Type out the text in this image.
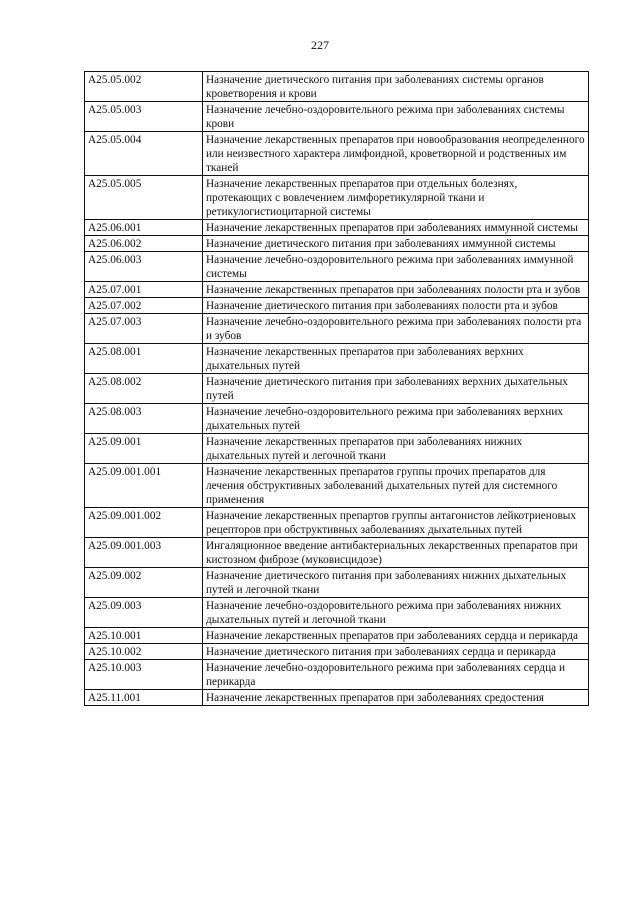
227
A25.05.002	Назначение диетического питания при заболеваниях системы органов кроветворения и крови
A25.05.003	Назначение лечебно-оздоровительного режима при заболеваниях системы крови
A25.05.004	Назначение лекарственных препаратов при новообразования неопределенного или неизвестного характера лимфоидной, кроветворной и родственных им тканей
A25.05.005	Назначение лекарственных препаратов при отдельных болезнях, протекающих с вовлечением лимфоретикулярной ткани и ретикулогистиоцитарной системы
A25.06.001	Назначение лекарственных препаратов при заболеваниях иммунной системы
A25.06.002	Назначение диетического питания при заболеваниях иммунной системы
A25.06.003	Назначение лечебно-оздоровительного режима при заболеваниях иммунной системы
A25.07.001	Назначение лекарственных препаратов при заболеваниях полости рта и зубов
A25.07.002	Назначение диетического питания при заболеваниях полости рта и зубов
A25.07.003	Назначение лечебно-оздоровительного режима при заболеваниях полости рта и зубов
A25.08.001	Назначение лекарственных препаратов при заболеваниях верхних дыхательных путей
A25.08.002	Назначение диетического питания при заболеваниях верхних дыхательных путей
A25.08.003	Назначение лечебно-оздоровительного режима при заболеваниях верхних дыхательных путей
A25.09.001	Назначение лекарственных препаратов при заболеваниях нижних дыхательных путей и легочной ткани
A25.09.001.001	Назначение лекарственных препаратов группы прочих препаратов для лечения обструктивных заболеваний дыхательных путей для системного применения
A25.09.001.002	Назначение лекарственных препартов группы антагонистов лейкотриеновых рецепторов при обструктивных заболеваниях дыхательных путей
A25.09.001.003	Ингаляционное введение антибактериальных лекарственных препаратов при кистозном фиброзе (муковисцидозе)
A25.09.002	Назначение диетического питания при заболеваниях нижних дыхательных путей и легочной ткани
A25.09.003	Назначение лечебно-оздоровительного режима при заболеваниях нижних дыхательных путей и легочной ткани
A25.10.001	Назначение лекарственных препаратов при заболеваниях сердца и перикарда
A25.10.002	Назначение диетического питания при заболеваниях сердца и перикарда
A25.10.003	Назначение лечебно-оздоровительного режима при заболеваниях сердца и перикарда
A25.11.001	Назначение лекарственных препаратов при заболеваниях средостения
